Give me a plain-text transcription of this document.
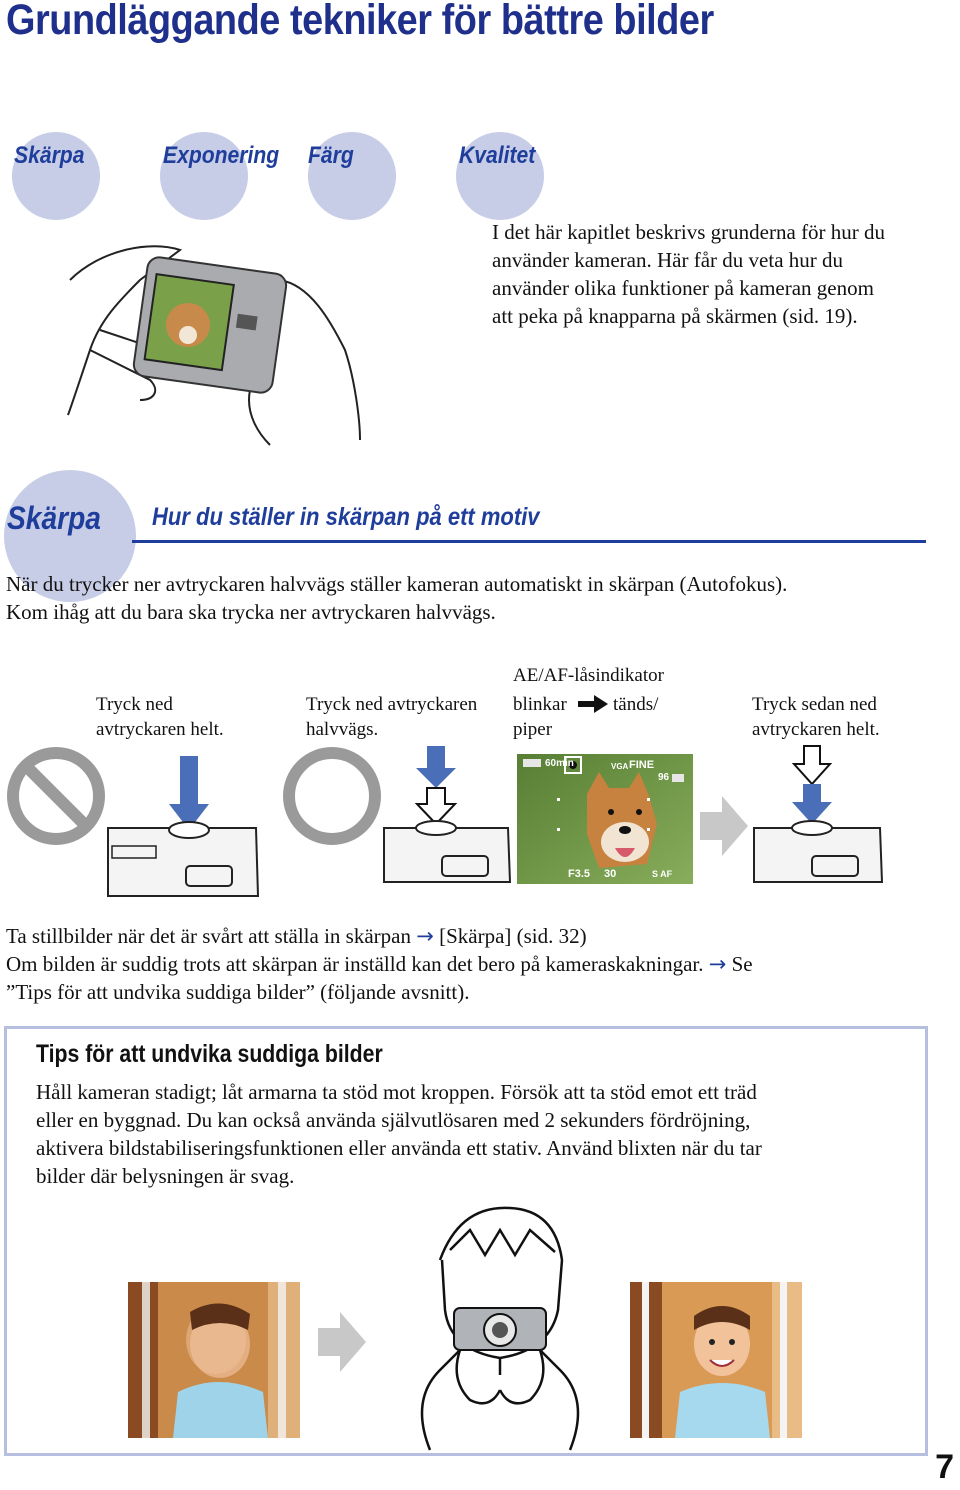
Grundläggande tekniker för bättre bilder
Skärpa	Exponering Färg	Kvalitet
I det här kapitlet beskrivs grunderna för hur du
använder kameran. Här får du veta hur du
använder olika funktioner på kameran genom
att peka på knapparna på skärmen (sid. 19).
Skärpa Hur du ställer in skärpan på ett motiv
När du trycker ner avtryckaren halvvägs ställer kameran automatiskt in skärpan (Autofokus).
Kom ihåg att du bara ska trycka ner avtryckaren halvvägs.
Tryck ned
avtryckaren helt.
Tryck ned avtryckaren
halvvägs.
AE/AF-låsindikator
blinkar tänds/
piper
Tryck sedan ned
avtryckaren helt.
60min	VGA FINE
96
F3.5 30	S AF
Ta stillbilder när det är svårt att ställa in skärpan → [Skärpa] (sid. 32)
Om bilden är suddig trots att skärpan är inställd kan det bero på kameraskakningar. → Se
”Tips för att undvika suddiga bilder” (följande avsnitt).
Tips för att undvika suddiga bilder
Håll kameran stadigt; låt armarna ta stöd mot kroppen. Försök att ta stöd emot ett träd
eller en byggnad. Du kan också använda självutlösaren med 2 sekunders fördröjning,
aktivera bildstabiliseringsfunktionen eller använda ett stativ. Använd blixten när du tar
bilder där belysningen är svag.
7
